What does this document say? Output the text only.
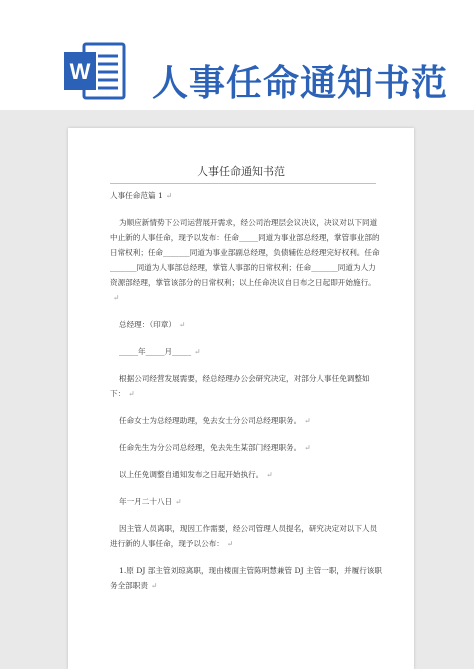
W 人事任命通知书范
人事任命通知书范

人事任命范篇 1 ↵

为顺应新情势下公司运营展开需求，经公司治理层会议决议，决议对以下同道中止新的人事任命，现予以发布：任命_____同道为事业部总经理，掌管事业部的日常权利；任命_______同道为事业部副总经理，负债辅佐总经理完好权利。任命_______同道为人事部总经理，掌管人事部的日常权利；任命_______同道为人力资源部经理，掌管该部分的日常权利；以上任命决议自日布之日起即开始施行。↵

总经理：（印章） ↵

_____年_____月_____ ↵

根据公司经营发展需要，经总经理办公会研究决定，对部分人事任免调整如下： ↵

任命女士为总经理助理，免去女士分公司总经理职务。 ↵

任命先生为分公司总经理，免去先生某部门经理职务。 ↵

以上任免调整自通知发布之日起开始执行。 ↵

年一月二十八日 ↵

因主管人员离职，现因工作需要，经公司管理人员提名，研究决定对以下人员进行新的人事任命，现予以公布： ↵

1.原 DJ 部主管刘琼离职，现由楼面主管陈明慧兼管 DJ 主管一职，并履行该职务全部职责 ↵
